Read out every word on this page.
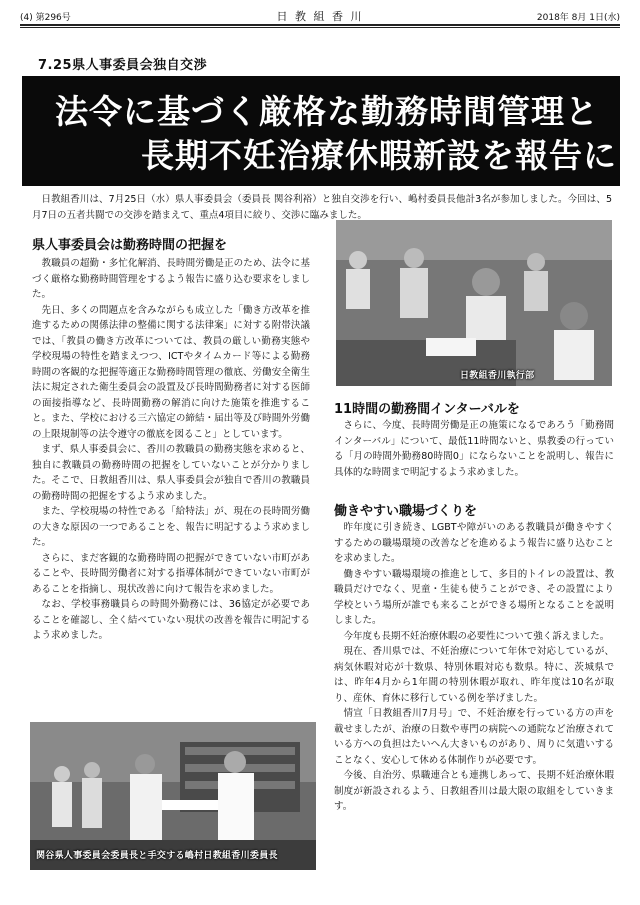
(4) 第296号	日 教 組 香 川	2018年 8月 1日(水)
7.25県人事委員会独自交渉
法令に基づく厳格な勤務時間管理と
長期不妊治療休暇新設を報告に
日教組香川は、7月25日（水）県人事委員会（委員長 関谷利裕）と独自交渉を行い、嶋村委員長他計3名が参加しました。今回は、5月7日の五者共闘での交渉を踏まえて、重点4項目に絞り、交渉に臨みました。
県人事委員会は勤務時間の把握を

教職員の超勤・多忙化解消、長時間労働是正のため、法令に基づく厳格な勤務時間管理をするよう報告に盛り込む要求をしました。

先日、多くの問題点を含みながらも成立した「働き方改革を推進するための関係法律の整備に関する法律案」に対する附帯決議では、「教員の働き方改革については、教員の厳しい勤務実態や学校現場の特性を踏まえつつ、ICTやタイムカード等による勤務時間の客観的な把握等適正な勤務時間管理の徹底、労働安全衛生法に規定された衛生委員会の設置及び長時間勤務者に対する医師の面接指導など、長時間勤務の解消に向けた施策を推進すること。また、学校における三六協定の締結・届出等及び時間外労働の上限規制等の法令遵守の徹底を図ること」としています。

まず、県人事委員会に、香川の教職員の勤務実態を求めると、独自に教職員の勤務時間の把握をしていないことが分かりました。そこで、日教組香川は、県人事委員会が独自で香川の教職員の勤務時間の把握をするよう求めました。

また、学校現場の特性である「給特法」が、現在の長時間労働の大きな原因の一つであることを、報告に明記するよう求めました。

さらに、まだ客観的な勤務時間の把握ができていない市町があることや、長時間労働者に対する指導体制ができていない市町があることを指摘し、現状改善に向けて報告を求めました。

なお、学校事務職員らの時間外勤務には、36協定が必要であることを確認し、全く結べていない現状の改善を報告に明記するよう求めました。

関谷県人事委員会委員長と手交する嶋村日教組香川委員長
日教組香川執行部
11時間の勤務間インターバルを

さらに、今度、長時間労働是正の施策になるであろう「勤務間インターバル」について、最低11時間ないと、県教委の行っている「月の時間外勤務80時間0」にならないことを説明し、報告に具体的な時間まで明記するよう求めました。

働きやすい職場づくりを

昨年度に引き続き、LGBTや障がいのある教職員が働きやすくするための職場環境の改善などを進めるよう報告に盛り込むことを求めました。

働きやすい職場環境の推進として、多目的トイレの設置は、教職員だけでなく、児童・生徒も使うことができ、その設置により学校という場所が誰でも来ることができる場所となることを説明しました。

今年度も長期不妊治療休暇の必要性について強く訴えました。

現在、香川県では、不妊治療について年休で対応しているが、病気休暇対応が十数県、特別休暇対応も数県。特に、茨城県では、昨年4月から1年間の特別休暇が取れ、昨年度は10名が取り、産休、育休に移行している例を挙げました。

情宣「日教組香川7月号」で、不妊治療を行っている方の声を載せましたが、治療の日数や専門の病院への通院など治療されている方への負担はたいへん大きいものがあり、周りに気遣いすることなく、安心して休める体制作りが必要です。

今後、自治労、県職連合とも連携しあって、長期不妊治療休暇制度が新設されるよう、日教組香川は最大限の取組をしていきます。
